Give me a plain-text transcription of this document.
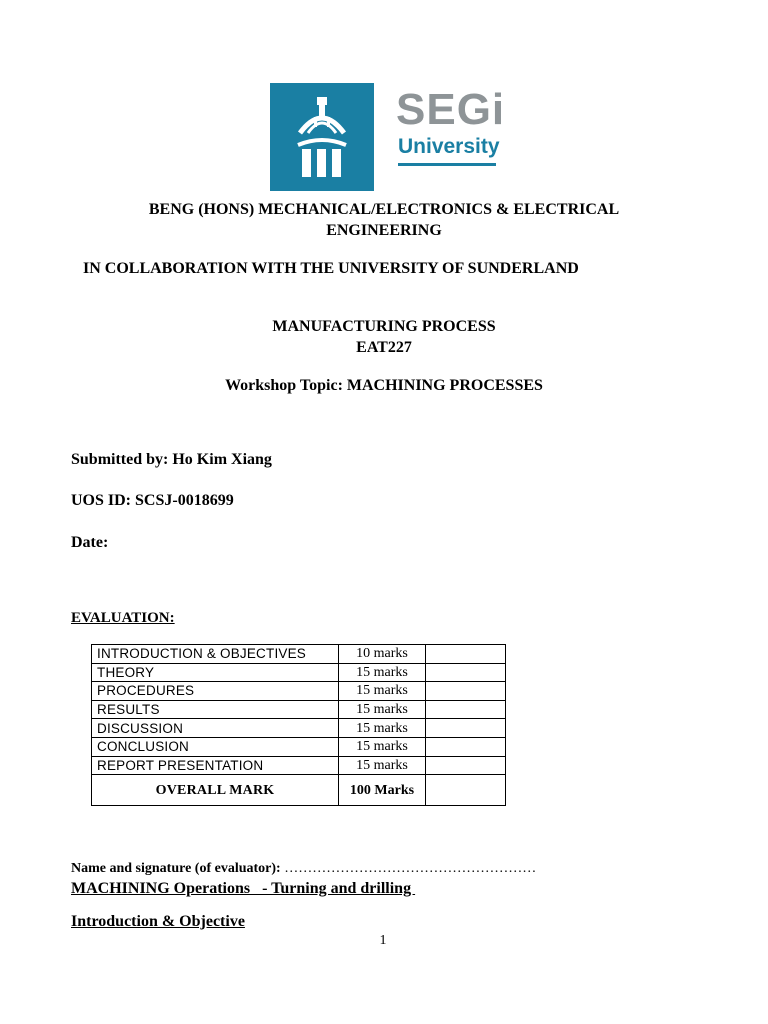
SEGi
University
BENG (HONS) MECHANICAL/ELECTRONICS & ELECTRICAL
ENGINEERING
IN COLLABORATION WITH THE UNIVERSITY OF SUNDERLAND
MANUFACTURING PROCESS
EAT227
Workshop Topic: MACHINING PROCESSES
Submitted by: Ho Kim Xiang
UOS ID: SCSJ-0018699
Date:
EVALUATION:
INTRODUCTION & OBJECTIVES	10 marks	
THEORY	15 marks	
PROCEDURES	15 marks	
RESULTS	15 marks	
DISCUSSION	15 marks	
CONCLUSION	15 marks	
REPORT PRESENTATION	15 marks	
OVERALL MARK	100 Marks	
Name and signature (of evaluator): ………………………………………………
MACHINING Operations   - Turning and drilling
Introduction & Objective
1
